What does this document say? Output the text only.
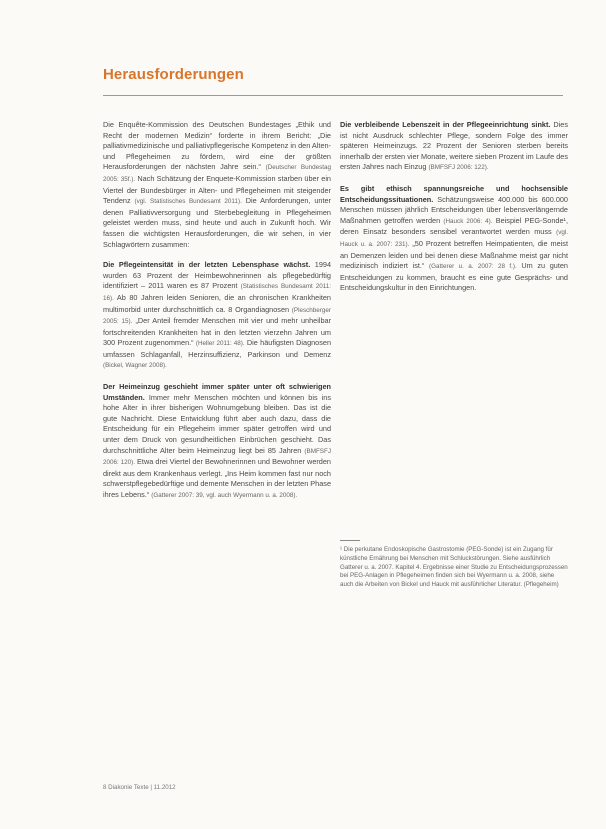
Herausforderungen

Die Enquête-Kommission des Deutschen Bundestages „Ethik und Recht der modernen Medizin“ forderte in ihrem Bericht: „Die palliativmedizinische und palliativpflegerische Kompetenz in den Alten- und Pflegeheimen zu fördern, wird eine der größten Herausforderungen der nächsten Jahre sein.“ (Deutscher Bundestag 2005: 35f.). Nach Schätzung der Enquete-Kommission starben über ein Viertel der Bundesbürger in Alten- und Pflegeheimen mit steigender Tendenz (vgl. Statistisches Bundesamt 2011). Die Anforderungen, unter denen Palliativversorgung und Sterbebegleitung in Pflegeheimen geleistet werden muss, sind heute und auch in Zukunft hoch. Wir fassen die wichtigsten Herausforderungen, die wir sehen, in vier Schlagwörtern zusammen:

Die Pflegeintensität in der letzten Lebensphase wächst. 1994 wurden 63 Prozent der Heimbewohnerinnen als pflegebedürftig identifiziert – 2011 waren es 87 Prozent (Statistisches Bundesamt 2011: 16). Ab 80 Jahren leiden Senioren, die an chronischen Krankheiten multimorbid unter durchschnittlich ca. 8 Organdiagnosen (Pleschberger 2005: 15). „Der Anteil fremder Menschen mit vier und mehr unheilbar fortschreitenden Krankheiten hat in den letzten vierzehn Jahren um 300 Prozent zugenommen.“ (Heller 2011: 48). Die häufigsten Diagnosen umfassen Schlaganfall, Herzinsuffizienz, Parkinson und Demenz (Bickel, Wagner 2008).

Der Heimeinzug geschieht immer später unter oft schwierigen Umständen. Immer mehr Menschen möchten und können bis ins hohe Alter in ihrer bisherigen Wohnumgebung bleiben. Das ist die gute Nachricht. Diese Entwicklung führt aber auch dazu, dass die Entscheidung für ein Pflegeheim immer später getroffen wird und unter dem Druck von gesundheitlichen Einbrüchen geschieht. Das durchschnittliche Alter beim Heimeinzug liegt bei 85 Jahren (BMFSFJ 2006: 120). Etwa drei Viertel der Bewohnerinnen und Bewohner werden direkt aus dem Krankenhaus verlegt. „Ins Heim kommen fast nur noch schwerstpflegebedürftige und demente Menschen in der letzten Phase ihres Lebens.“ (Gatterer 2007: 39, vgl. auch Wyermann u. a. 2008).

Die verbleibende Lebenszeit in der Pflegeeinrichtung sinkt. Dies ist nicht Ausdruck schlechter Pflege, sondern Folge des immer späteren Heimeinzugs. 22 Prozent der Senioren sterben bereits innerhalb der ersten vier Monate, weitere sieben Prozent im Laufe des ersten Jahres nach Einzug (BMFSFJ 2006: 122).

Es gibt ethisch spannungsreiche und hochsensible Entscheidungssituationen. Schätzungsweise 400.000 bis 600.000 Menschen müssen jährlich Entscheidungen über lebensverlängernde Maßnahmen getroffen werden (Hauck 2006: 4). Beispiel PEG-Sonde¹, deren Einsatz besonders sensibel verantwortet werden muss (vgl. Hauck u. a. 2007: 231). „50 Prozent betreffen Heimpatienten, die meist an Demenzen leiden und bei denen diese Maßnahme meist gar nicht medizinisch indiziert ist.“ (Gatterer u. a. 2007: 28 f.). Um zu guten Entscheidungen zu kommen, braucht es eine gute Gesprächs- und Entscheidungskultur in den Einrichtungen.

¹ Die perkutane Endoskopische Gastrostomie (PEG-Sonde) ist ein Zugang für künstliche Ernährung bei Menschen mit Schluckstörungen. Siehe ausführlich Gatterer u. a. 2007. Kapitel 4. Ergebnisse einer Studie zu Entscheidungsprozessen bei PEG-Anlagen in Pflegeheimen finden sich bei Wyermann u. a. 2008, siehe auch die Arbeiten von Bickel und Hauck mit ausführlicher Literatur. (Pflegeheim)

8 Diakonie Texte | 11.2012
